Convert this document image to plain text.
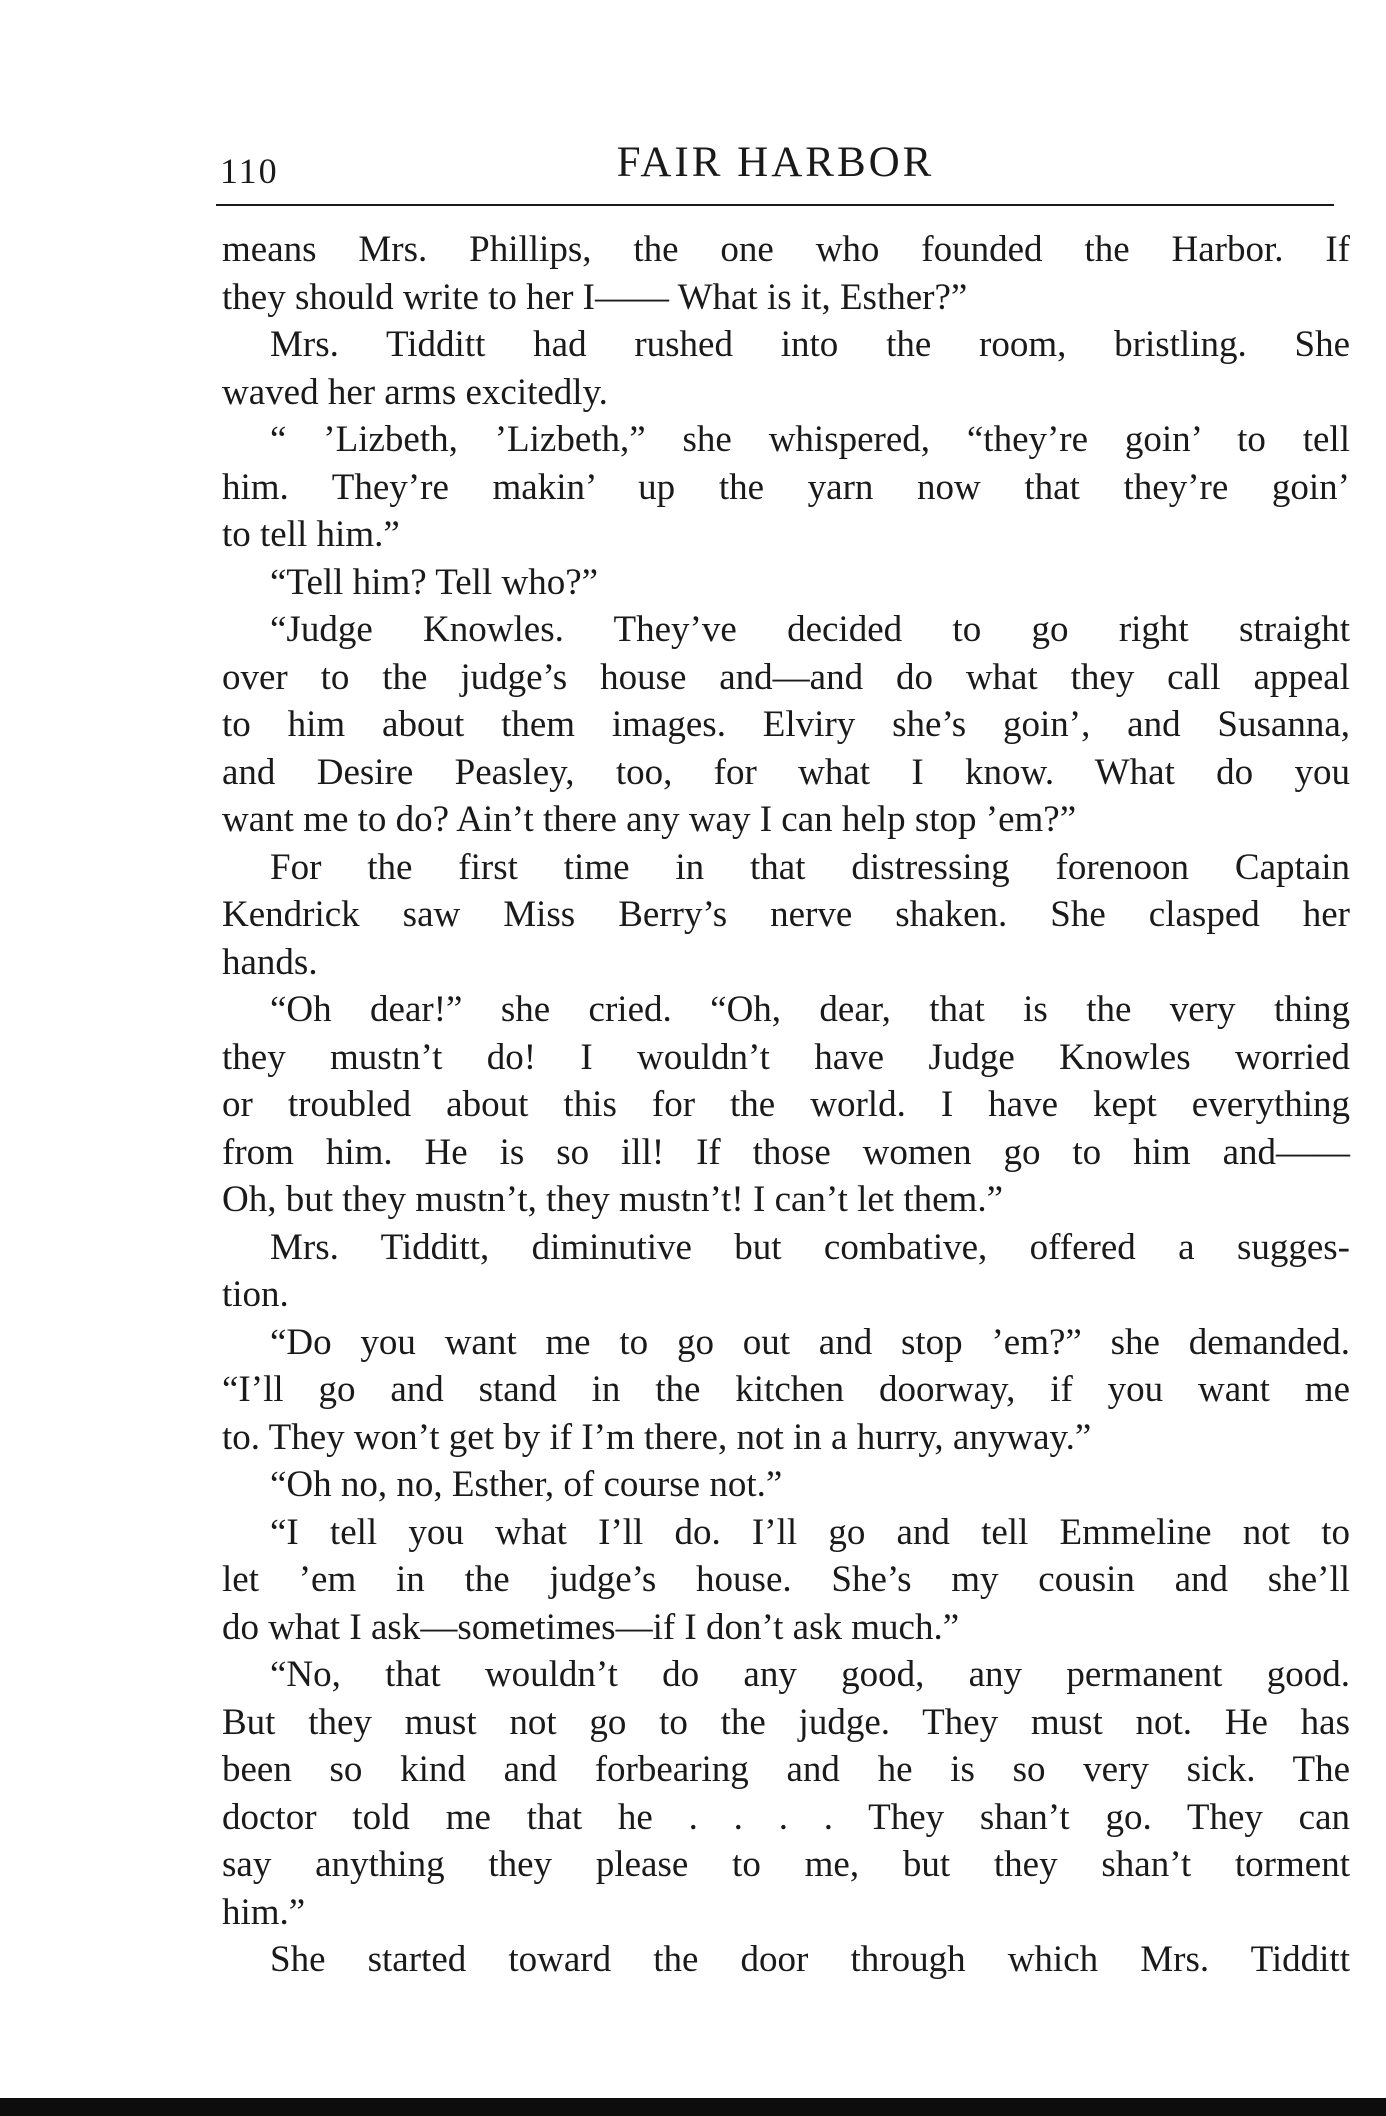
110	FAIR HARBOR
means Mrs. Phillips, the one who founded the Harbor. If
they should write to her I—— What is it, Esther?”
Mrs. Tidditt had rushed into the room, bristling. She
waved her arms excitedly.
“ ’Lizbeth, ’Lizbeth,” she whispered, “they’re goin’ to tell
him. They’re makin’ up the yarn now that they’re goin’
to tell him.”
“Tell him? Tell who?”
“Judge Knowles. They’ve decided to go right straight
over to the judge’s house and—and do what they call appeal
to him about them images. Elviry she’s goin’, and Susanna,
and Desire Peasley, too, for what I know. What do you
want me to do? Ain’t there any way I can help stop ’em?”
For the first time in that distressing forenoon Captain
Kendrick saw Miss Berry’s nerve shaken. She clasped her
hands.
“Oh dear!” she cried. “Oh, dear, that is the very thing
they mustn’t do! I wouldn’t have Judge Knowles worried
or troubled about this for the world. I have kept everything
from him. He is so ill! If those women go to him and——
Oh, but they mustn’t, they mustn’t! I can’t let them.”
Mrs. Tidditt, diminutive but combative, offered a sugges-
tion.
“Do you want me to go out and stop ’em?” she demanded.
“I’ll go and stand in the kitchen doorway, if you want me
to. They won’t get by if I’m there, not in a hurry, anyway.”
“Oh no, no, Esther, of course not.”
“I tell you what I’ll do. I’ll go and tell Emmeline not to
let ’em in the judge’s house. She’s my cousin and she’ll
do what I ask—sometimes—if I don’t ask much.”
“No, that wouldn’t do any good, any permanent good.
But they must not go to the judge. They must not. He has
been so kind and forbearing and he is so very sick. The
doctor told me that he . . . . They shan’t go. They can
say anything they please to me, but they shan’t torment
him.”
She started toward the door through which Mrs. Tidditt
